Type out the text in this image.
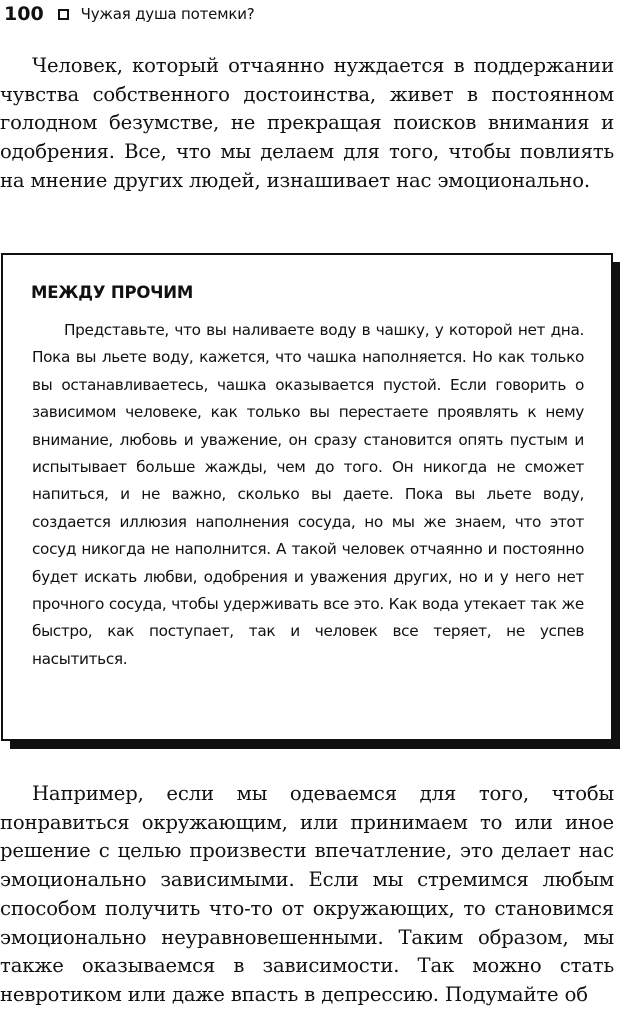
100 Чужая душа потемки?

Человек, который отчаянно нуждается в поддержании чувства собственного достоинства, живет в постоянном голодном безумстве, не прекращая поисков внимания и одобрения. Все, что мы делаем для того, чтобы повлиять на мнение других людей, изнашивает нас эмоционально.

МЕЖДУ ПРОЧИМ

Представьте, что вы наливаете воду в чашку, у которой нет дна. Пока вы льете воду, кажется, что чашка наполняется. Но как только вы останавливаетесь, чашка оказывается пустой. Если говорить о зависимом человеке, как только вы перестаете проявлять к нему внимание, любовь и уважение, он сразу становится опять пустым и испытывает больше жажды, чем до того. Он никогда не сможет напиться, и не важно, сколько вы даете. Пока вы льете воду, создается иллюзия наполнения сосуда, но мы же знаем, что этот сосуд никогда не наполнится. А такой человек отчаянно и постоянно будет искать любви, одобрения и уважения других, но и у него нет прочного сосуда, чтобы удерживать все это. Как вода утекает так же быстро, как поступает, так и человек все теряет, не успев насытиться.

Например, если мы одеваемся для того, чтобы понравиться окружающим, или принимаем то или иное решение с целью произвести впечатление, это делает нас эмоционально зависимыми. Если мы стремимся любым способом получить что-то от окружающих, то становимся эмоционально неуравновешенными. Таким образом, мы также оказываемся в зависимости. Так можно стать невротиком или даже впасть в депрессию. Подумайте об
